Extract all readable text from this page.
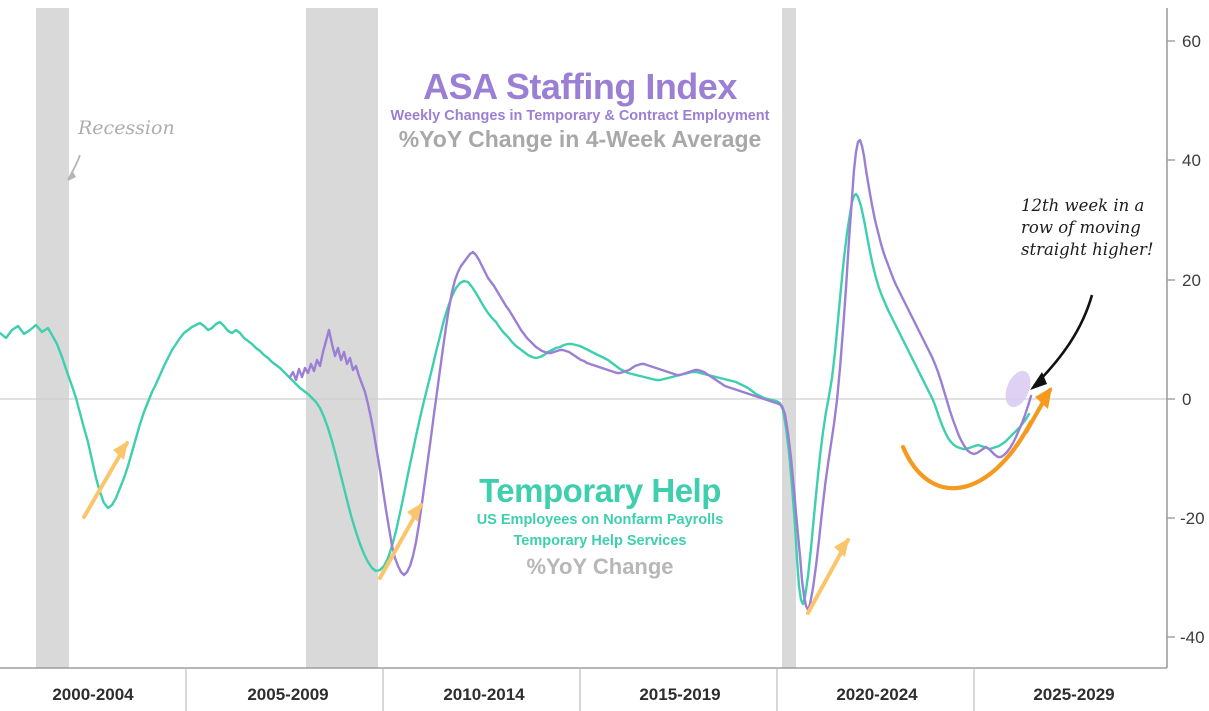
60
40
20
0
-20
-40
2000-2004	2005-2009	2010-2014	2015-2019	2020-2024	2025-2029
Recession
ASA Staffing Index
Weekly Changes in Temporary & Contract Employment
%YoY Change in 4-Week Average
Temporary Help
US Employees on Nonfarm Payrolls
Temporary Help Services
%YoY Change
12th week in a
row of moving
straight higher!
